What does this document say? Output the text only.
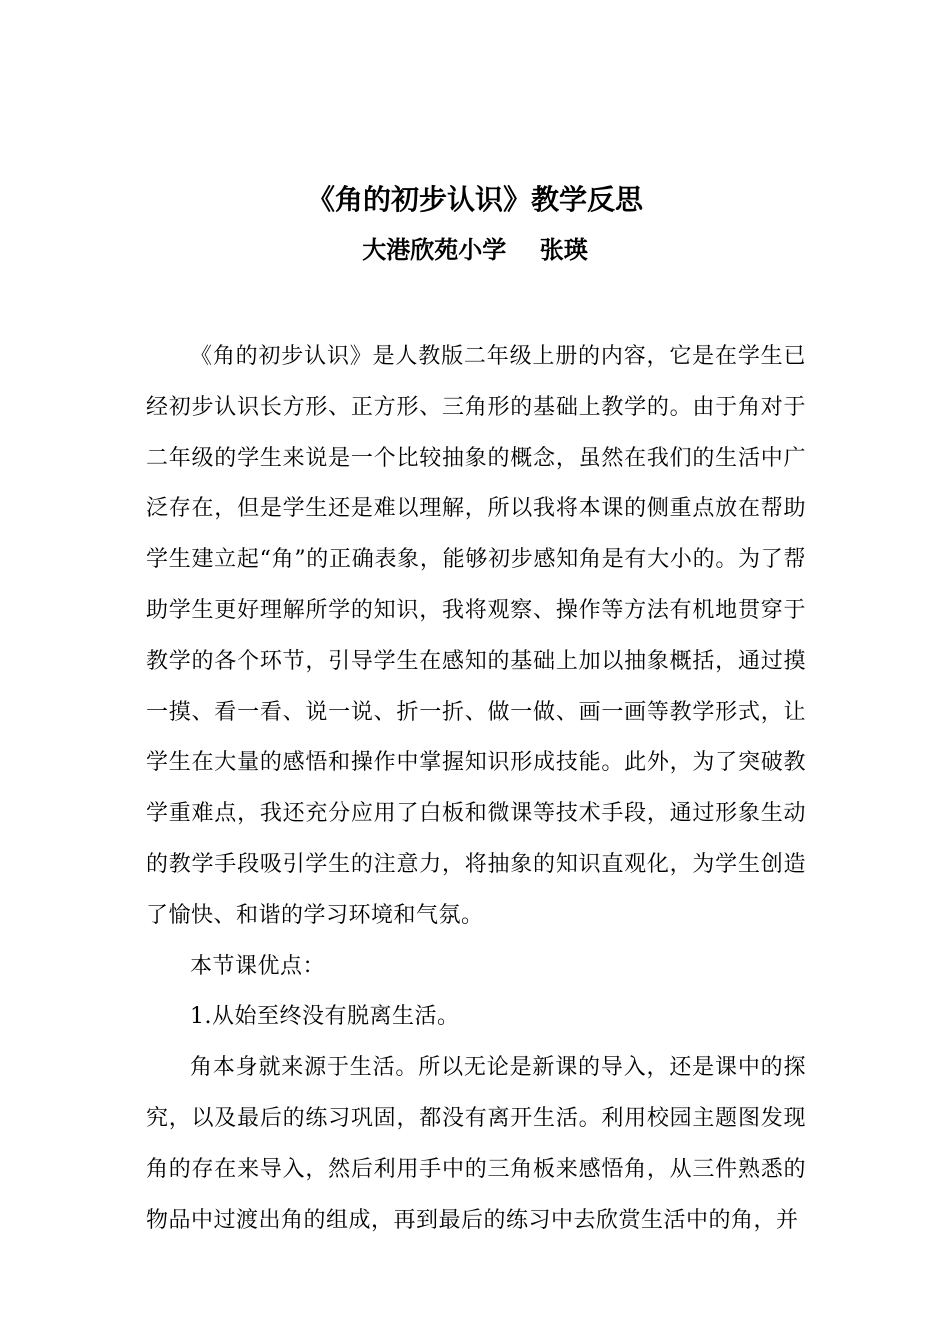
《角的初步认识》教学反思
大港欣苑小学    张瑛

《角的初步认识》是人教版二年级上册的内容，它是在学生已经初步认识长方形、正方形、三角形的基础上教学的。由于角对于二年级的学生来说是一个比较抽象的概念，虽然在我们的生活中广泛存在，但是学生还是难以理解，所以我将本课的侧重点放在帮助学生建立起“角”的正确表象，能够初步感知角是有大小的。为了帮助学生更好理解所学的知识，我将观察、操作等方法有机地贯穿于教学的各个环节，引导学生在感知的基础上加以抽象概括，通过摸一摸、看一看、说一说、折一折、做一做、画一画等教学形式，让学生在大量的感悟和操作中掌握知识形成技能。此外，为了突破教学重难点，我还充分应用了白板和微课等技术手段，通过形象生动的教学手段吸引学生的注意力，将抽象的知识直观化，为学生创造了愉快、和谐的学习环境和气氛。

本节课优点：

1.从始至终没有脱离生活。

角本身就来源于生活。所以无论是新课的导入，还是课中的探究，以及最后的练习巩固，都没有离开生活。利用校园主题图发现角的存在来导入，然后利用手中的三角板来感悟角，从三件熟悉的物品中过渡出角的组成，再到最后的练习中去欣赏生活中的角，并
